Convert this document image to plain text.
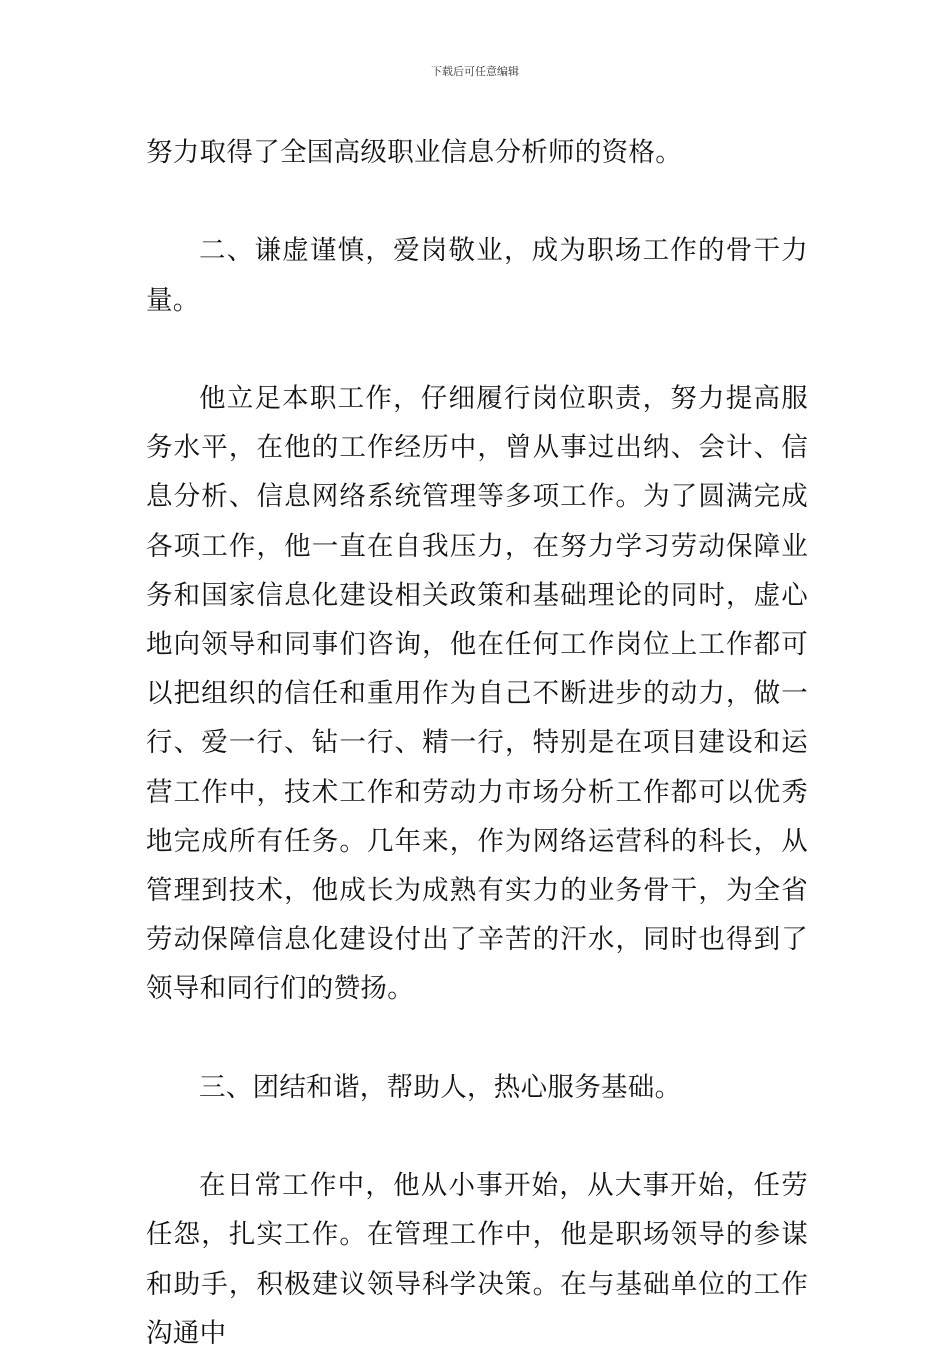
下载后可任意编辑

努力取得了全国高级职业信息分析师的资格。

二、谦虚谨慎，爱岗敬业，成为职场工作的骨干力量。

他立足本职工作，仔细履行岗位职责，努力提高服务水平，在他的工作经历中，曾从事过出纳、会计、信息分析、信息网络系统管理等多项工作。为了圆满完成各项工作，他一直在自我压力，在努力学习劳动保障业务和国家信息化建设相关政策和基础理论的同时，虚心地向领导和同事们咨询，他在任何工作岗位上工作都可以把组织的信任和重用作为自己不断进步的动力，做一行、爱一行、钻一行、精一行，特别是在项目建设和运营工作中，技术工作和劳动力市场分析工作都可以优秀地完成所有任务。几年来，作为网络运营科的科长，从管理到技术，他成长为成熟有实力的业务骨干，为全省劳动保障信息化建设付出了辛苦的汗水，同时也得到了领导和同行们的赞扬。

三、团结和谐，帮助人，热心服务基础。

在日常工作中，他从小事开始，从大事开始，任劳任怨，扎实工作。在管理工作中，他是职场领导的参谋和助手，积极建议领导科学决策。在与基础单位的工作沟通中
